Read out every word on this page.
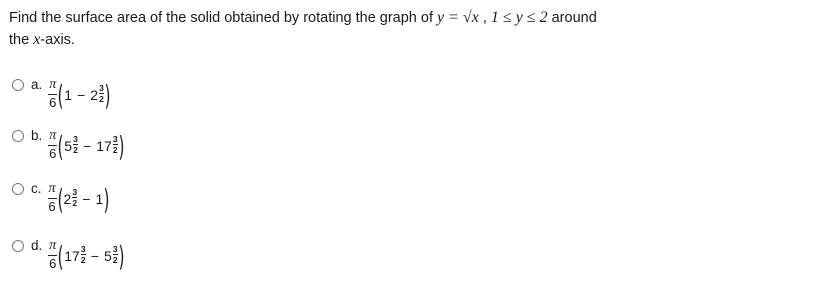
Find the surface area of the solid obtained by rotating the graph of y = √x , 1 ≤ y ≤ 2 around
the x-axis.
a. $\frac{\pi}{6}$ ( $1 - 2 \frac{3}{2}$ )
b. $\frac{\pi}{6}$ ( $5 \frac{3}{2} - 17 \frac{3}{2}$ )
c. $\frac{\pi}{6}$ ( $2 \frac{3}{2} - 1$ )
d. $\frac{\pi}{6}$ ( $17 \frac{3}{2} - 5 \frac{3}{2}$ )
